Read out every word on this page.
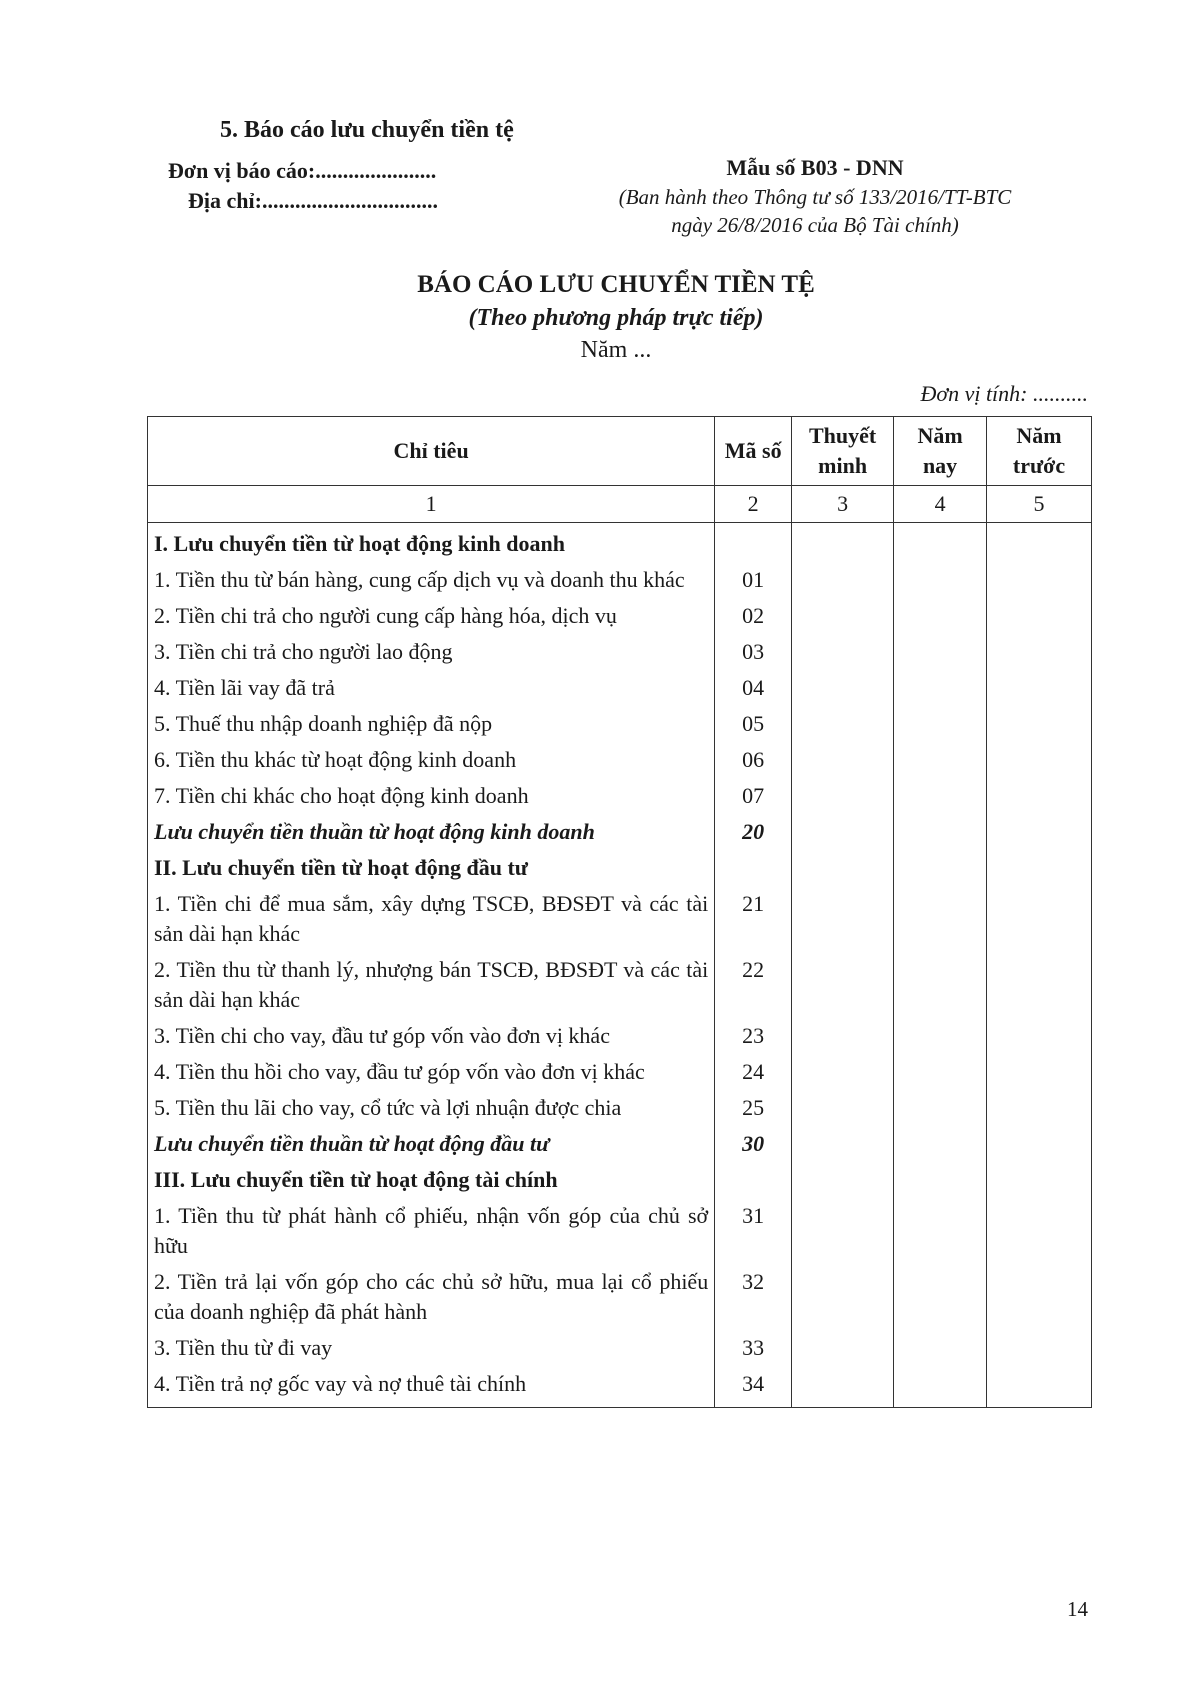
5. Báo cáo lưu chuyển tiền tệ
Đơn vị báo cáo:......................
Địa chỉ:................................
Mẫu số B03 - DNN
(Ban hành theo Thông tư số 133/2016/TT-BTC
ngày 26/8/2016 của Bộ Tài chính)
BÁO CÁO LƯU CHUYỂN TIỀN TỆ
(Theo phương pháp trực tiếp)
Năm ...
Đơn vị tính: ..........
Chỉ tiêu	Mã số	Thuyết minh	Năm nay	Năm trước
1	2	3	4	5
I. Lưu chuyển tiền từ hoạt động kinh doanh				
1. Tiền thu từ bán hàng, cung cấp dịch vụ và doanh thu khác	01			
2. Tiền chi trả cho người cung cấp hàng hóa, dịch vụ	02			
3. Tiền chi trả cho người lao động	03			
4. Tiền lãi vay đã trả	04			
5. Thuế thu nhập doanh nghiệp đã nộp	05			
6. Tiền thu khác từ hoạt động kinh doanh	06			
7. Tiền chi khác cho hoạt động kinh doanh	07			
Lưu chuyển tiền thuần từ hoạt động kinh doanh	20			
II. Lưu chuyển tiền từ hoạt động đầu tư				
1. Tiền chi để mua sắm, xây dựng TSCĐ, BĐSĐT và các tài sản dài hạn khác	21			
2. Tiền thu từ thanh lý, nhượng bán TSCĐ, BĐSĐT và các tài sản dài hạn khác	22			
3. Tiền chi cho vay, đầu tư góp vốn vào đơn vị khác	23			
4. Tiền thu hồi cho vay, đầu tư góp vốn vào đơn vị khác	24			
5. Tiền thu lãi cho vay, cổ tức và lợi nhuận được chia	25			
Lưu chuyển tiền thuần từ hoạt động đầu tư	30			
III. Lưu chuyển tiền từ hoạt động tài chính				
1. Tiền thu từ phát hành cổ phiếu, nhận vốn góp của chủ sở hữu	31			
2. Tiền trả lại vốn góp cho các chủ sở hữu, mua lại cổ phiếu của doanh nghiệp đã phát hành	32			
3. Tiền thu từ đi vay	33			
4. Tiền trả nợ gốc vay và nợ thuê tài chính	34			
14
